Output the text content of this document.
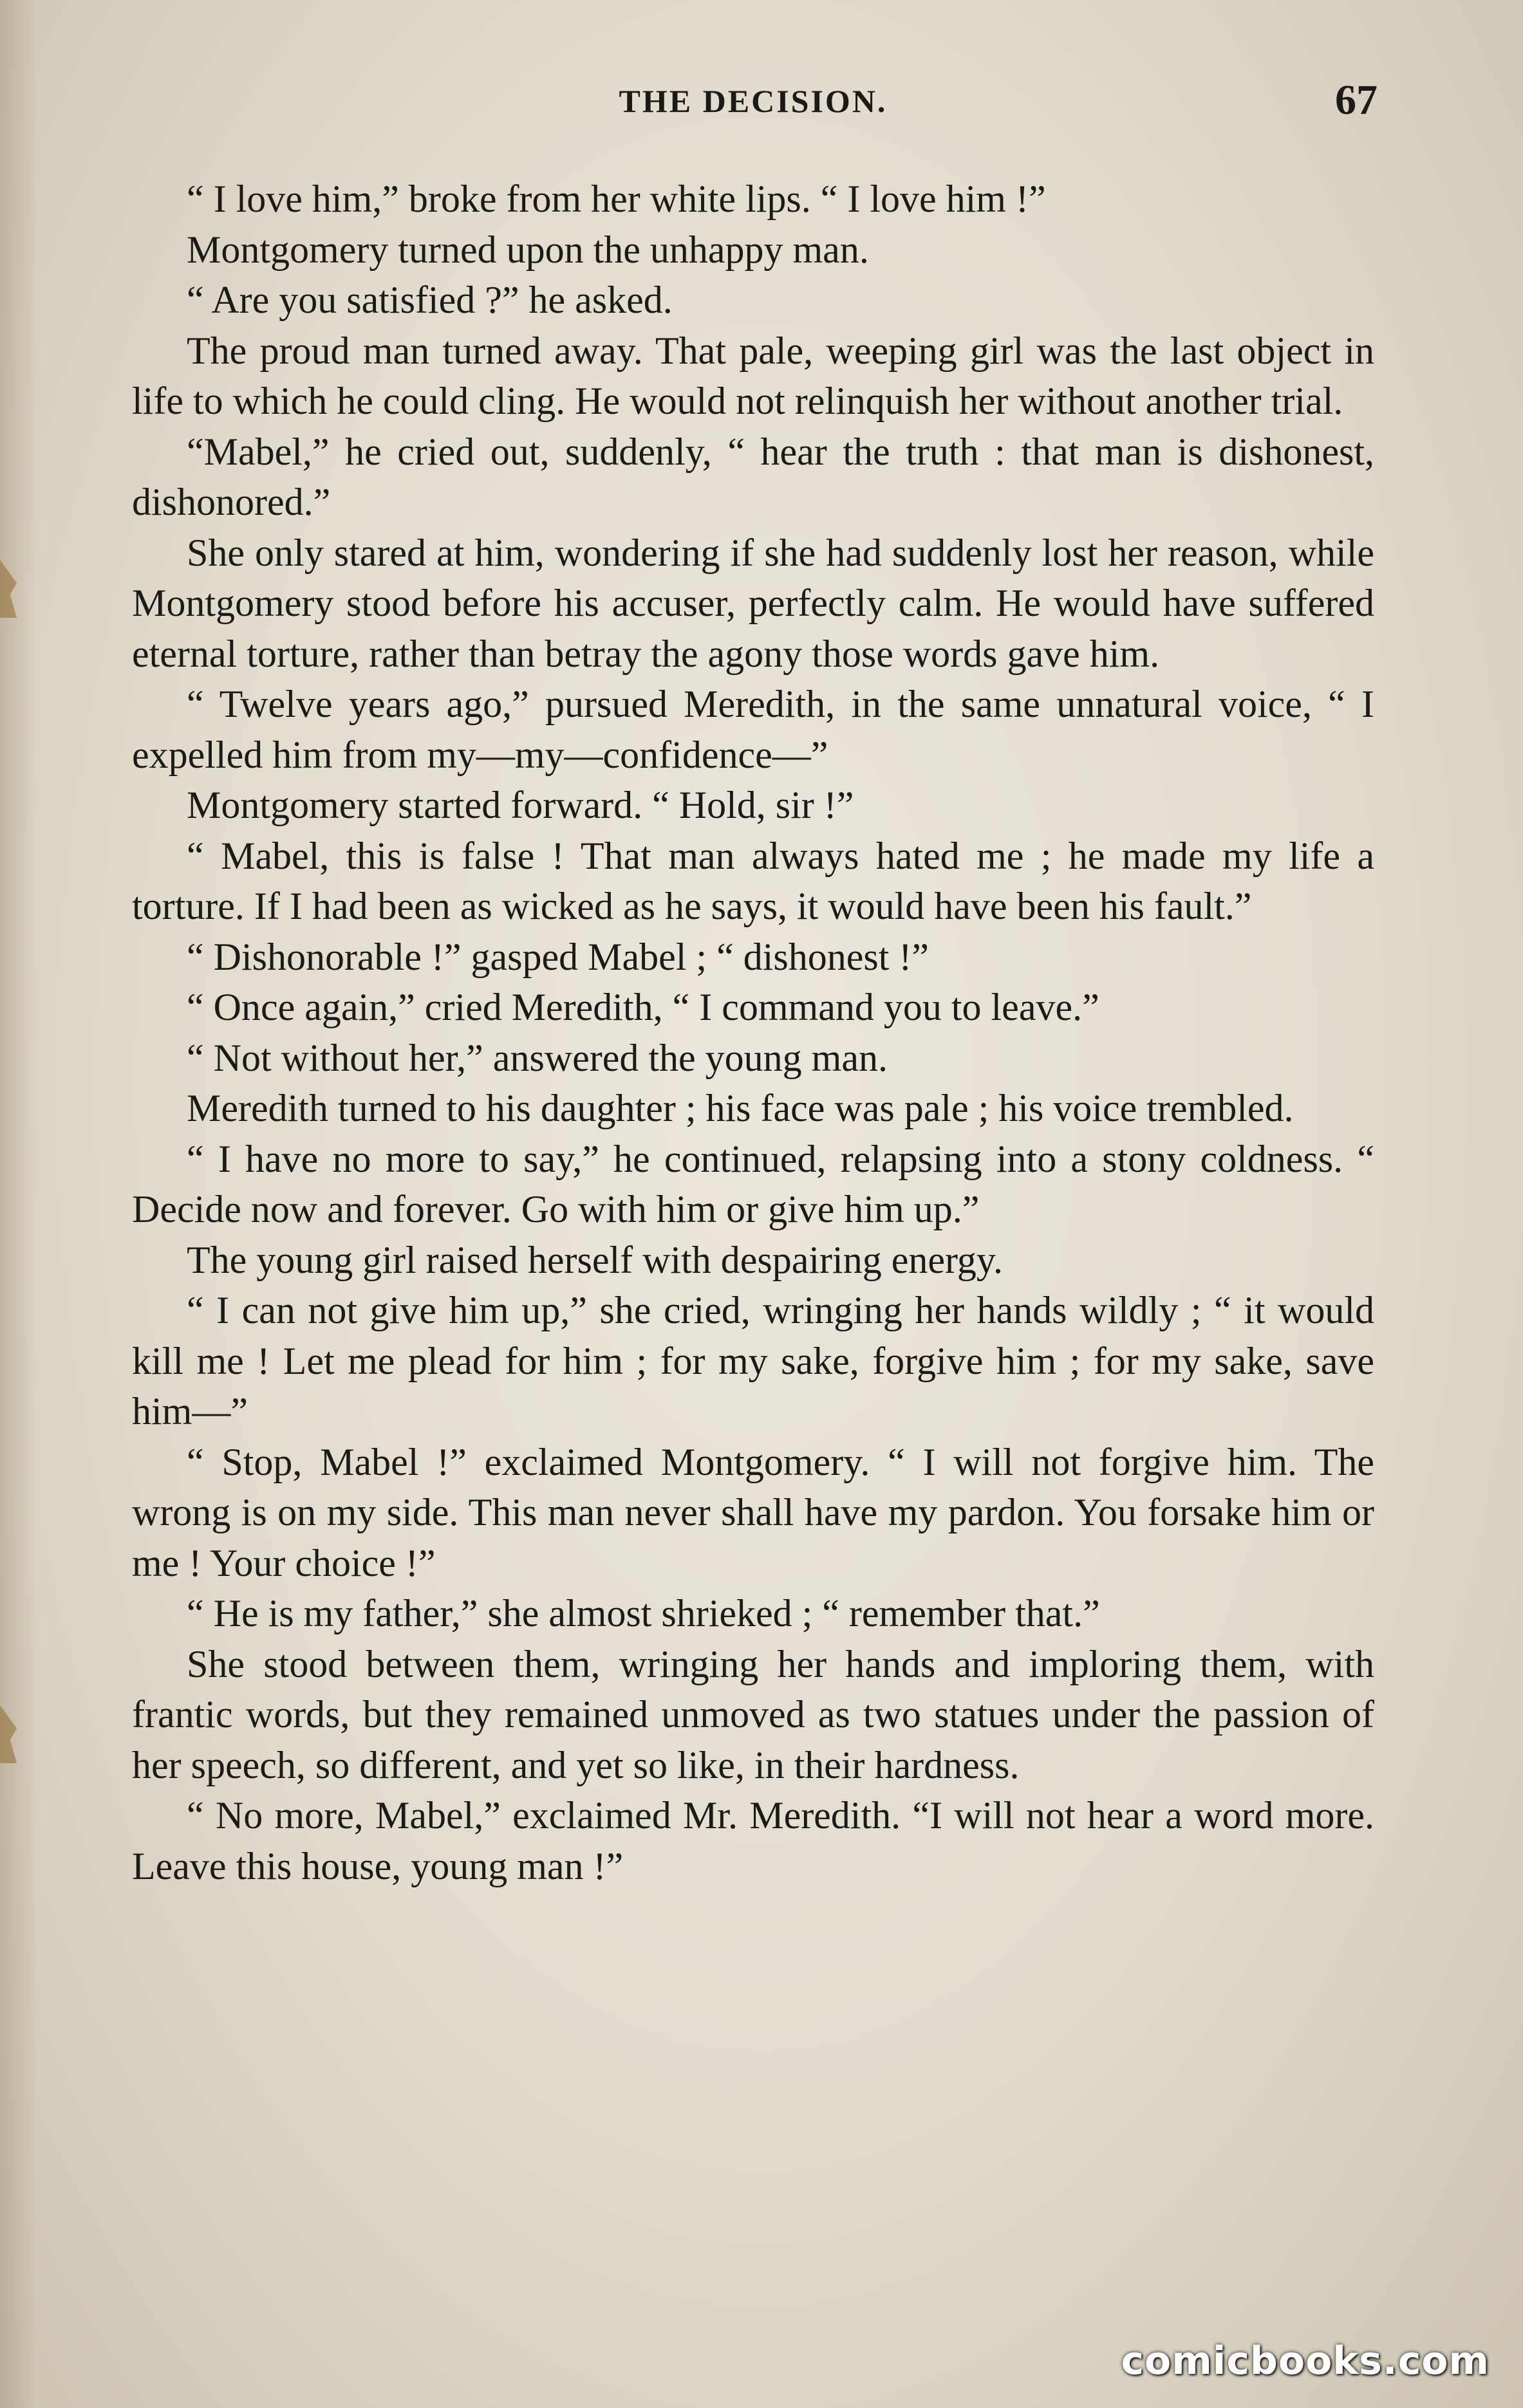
THE DECISION.	67

“ I love him,” broke from her white lips. “ I love him !”

Montgomery turned upon the unhappy man.

“ Are you satisfied ?” he asked.

The proud man turned away. That pale, weeping girl was the last object in life to which he could cling. He would not relinquish her without another trial.

“Mabel,” he cried out, suddenly, “ hear the truth : that man is dishonest, dishonored.”

She only stared at him, wondering if she had suddenly lost her reason, while Montgomery stood before his accuser, perfectly calm. He would have suffered eternal torture, rather than betray the agony those words gave him.

“ Twelve years ago,” pursued Meredith, in the same unnatural voice, “ I expelled him from my—my—confidence—”

Montgomery started forward. “ Hold, sir !”

“ Mabel, this is false ! That man always hated me ; he made my life a torture. If I had been as wicked as he says, it would have been his fault.”

“ Dishonorable !” gasped Mabel ; “ dishonest !”

“ Once again,” cried Meredith, “ I command you to leave.”

“ Not without her,” answered the young man.

Meredith turned to his daughter ; his face was pale ; his voice trembled.

“ I have no more to say,” he continued, relapsing into a stony coldness. “ Decide now and forever. Go with him or give him up.”

The young girl raised herself with despairing energy.

“ I can not give him up,” she cried, wringing her hands wildly ; “ it would kill me ! Let me plead for him ; for my sake, forgive him ; for my sake, save him—”

“ Stop, Mabel !” exclaimed Montgomery. “ I will not forgive him. The wrong is on my side. This man never shall have my pardon. You forsake him or me ! Your choice !”

“ He is my father,” she almost shrieked ; “ remember that.”

She stood between them, wringing her hands and imploring them, with frantic words, but they remained unmoved as two statues under the passion of her speech, so different, and yet so like, in their hardness.

“ No more, Mabel,” exclaimed Mr. Meredith. “I will not hear a word more. Leave this house, young man !”

comicbooks.com
